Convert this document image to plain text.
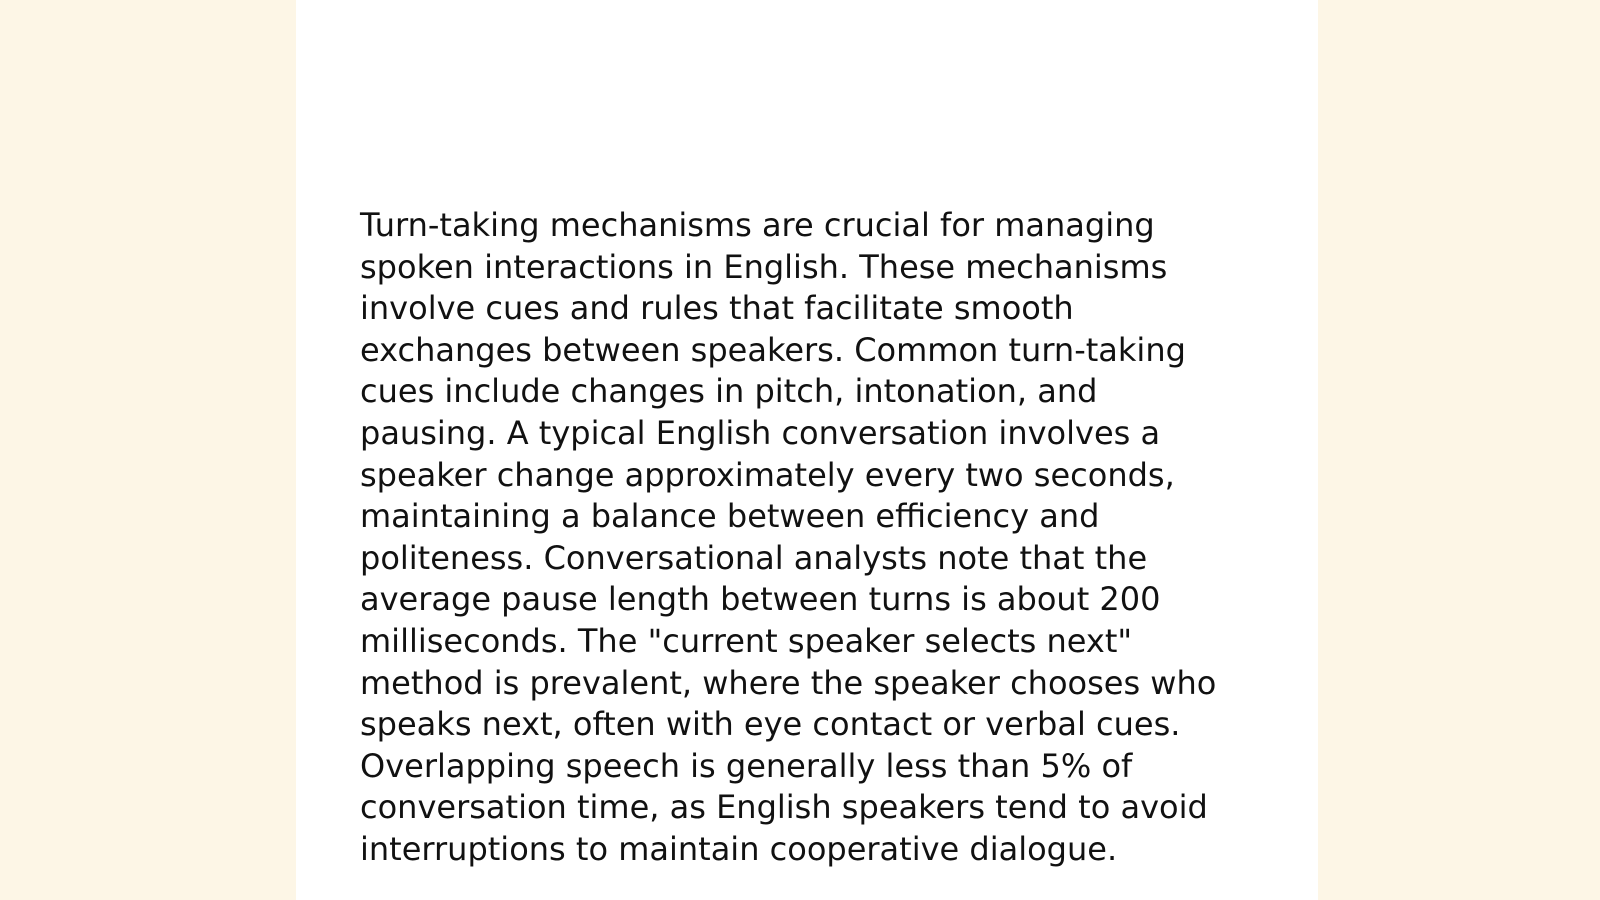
Turn-taking mechanisms are crucial for managing spoken interactions in English. These mechanisms involve cues and rules that facilitate smooth exchanges between speakers. Common turn-taking cues include changes in pitch, intonation, and pausing. A typical English conversation involves a speaker change approximately every two seconds, maintaining a balance between efficiency and politeness. Conversational analysts note that the average pause length between turns is about 200 milliseconds. The "current speaker selects next" method is prevalent, where the speaker chooses who speaks next, often with eye contact or verbal cues. Overlapping speech is generally less than 5% of conversation time, as English speakers tend to avoid interruptions to maintain cooperative dialogue.
